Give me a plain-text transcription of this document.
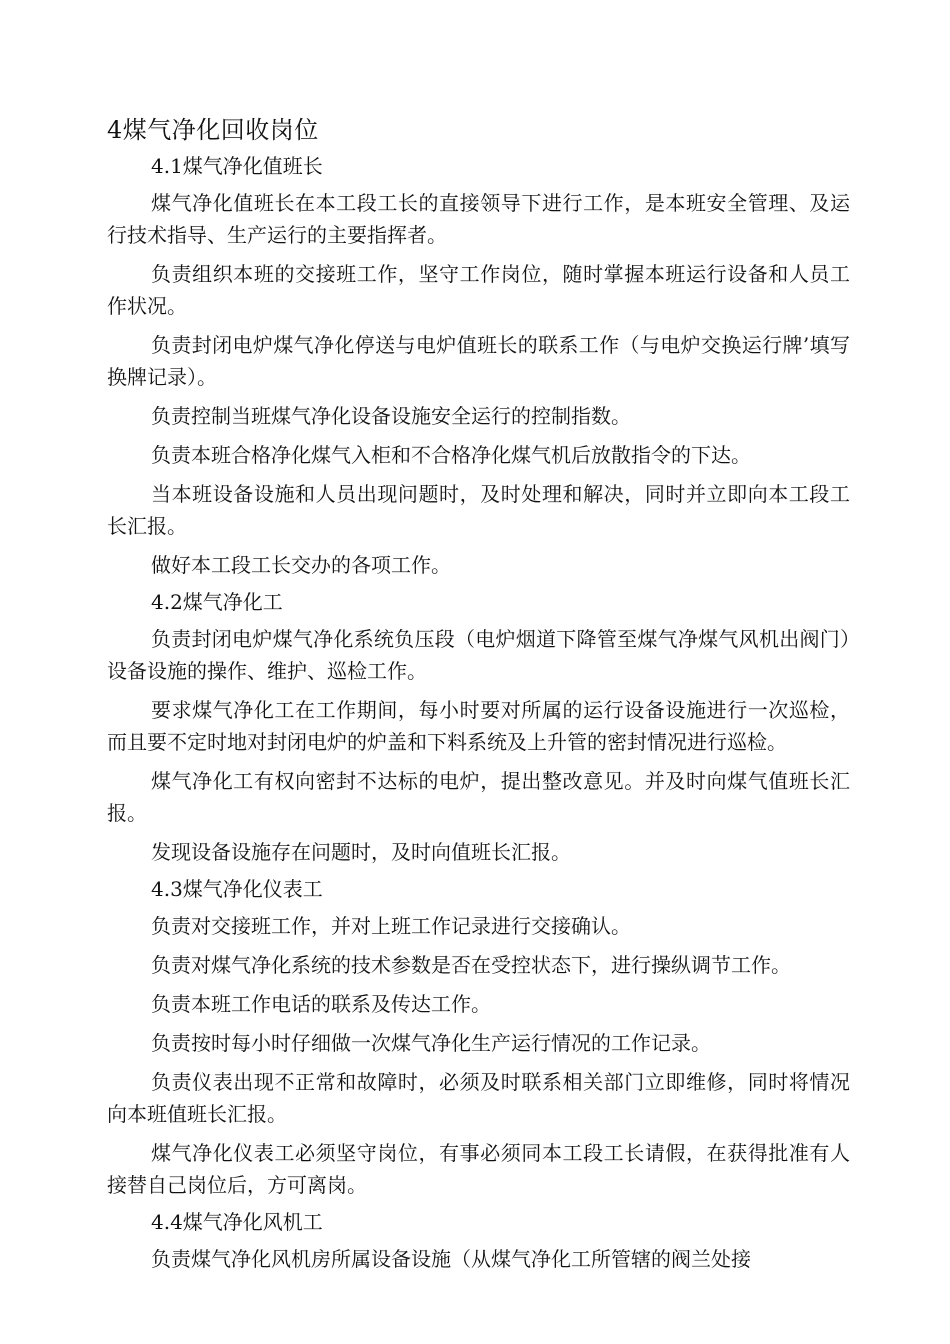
4煤气净化回收岗位

4.1煤气净化值班长

煤气净化值班长在本工段工长的直接领导下进行工作，是本班安全管理、及运行技术指导、生产运行的主要指挥者。

负责组织本班的交接班工作，坚守工作岗位，随时掌握本班运行设备和人员工作状况。

负责封闭电炉煤气净化停送与电炉值班长的联系工作（与电炉交换运行牌’填写换牌记录）。

负责控制当班煤气净化设备设施安全运行的控制指数。

负责本班合格净化煤气入柜和不合格净化煤气机后放散指令的下达。

当本班设备设施和人员出现问题时，及时处理和解决，同时并立即向本工段工长汇报。

做好本工段工长交办的各项工作。

4.2煤气净化工

负责封闭电炉煤气净化系统负压段（电炉烟道下降管至煤气净煤气风机出阀门）设备设施的操作、维护、巡检工作。

要求煤气净化工在工作期间，每小时要对所属的运行设备设施进行一次巡检，而且要不定时地对封闭电炉的炉盖和下料系统及上升管的密封情况进行巡检。

煤气净化工有权向密封不达标的电炉，提出整改意见。并及时向煤气值班长汇报。

发现设备设施存在问题时，及时向值班长汇报。

4.3煤气净化仪表工

负责对交接班工作，并对上班工作记录进行交接确认。

负责对煤气净化系统的技术参数是否在受控状态下，进行操纵调节工作。

负责本班工作电话的联系及传达工作。

负责按时每小时仔细做一次煤气净化生产运行情况的工作记录。

负责仪表出现不正常和故障时，必须及时联系相关部门立即维修，同时将情况向本班值班长汇报。

煤气净化仪表工必须坚守岗位，有事必须同本工段工长请假，在获得批准有人接替自己岗位后，方可离岗。

4.4煤气净化风机工

负责煤气净化风机房所属设备设施（从煤气净化工所管辖的阀兰处接
